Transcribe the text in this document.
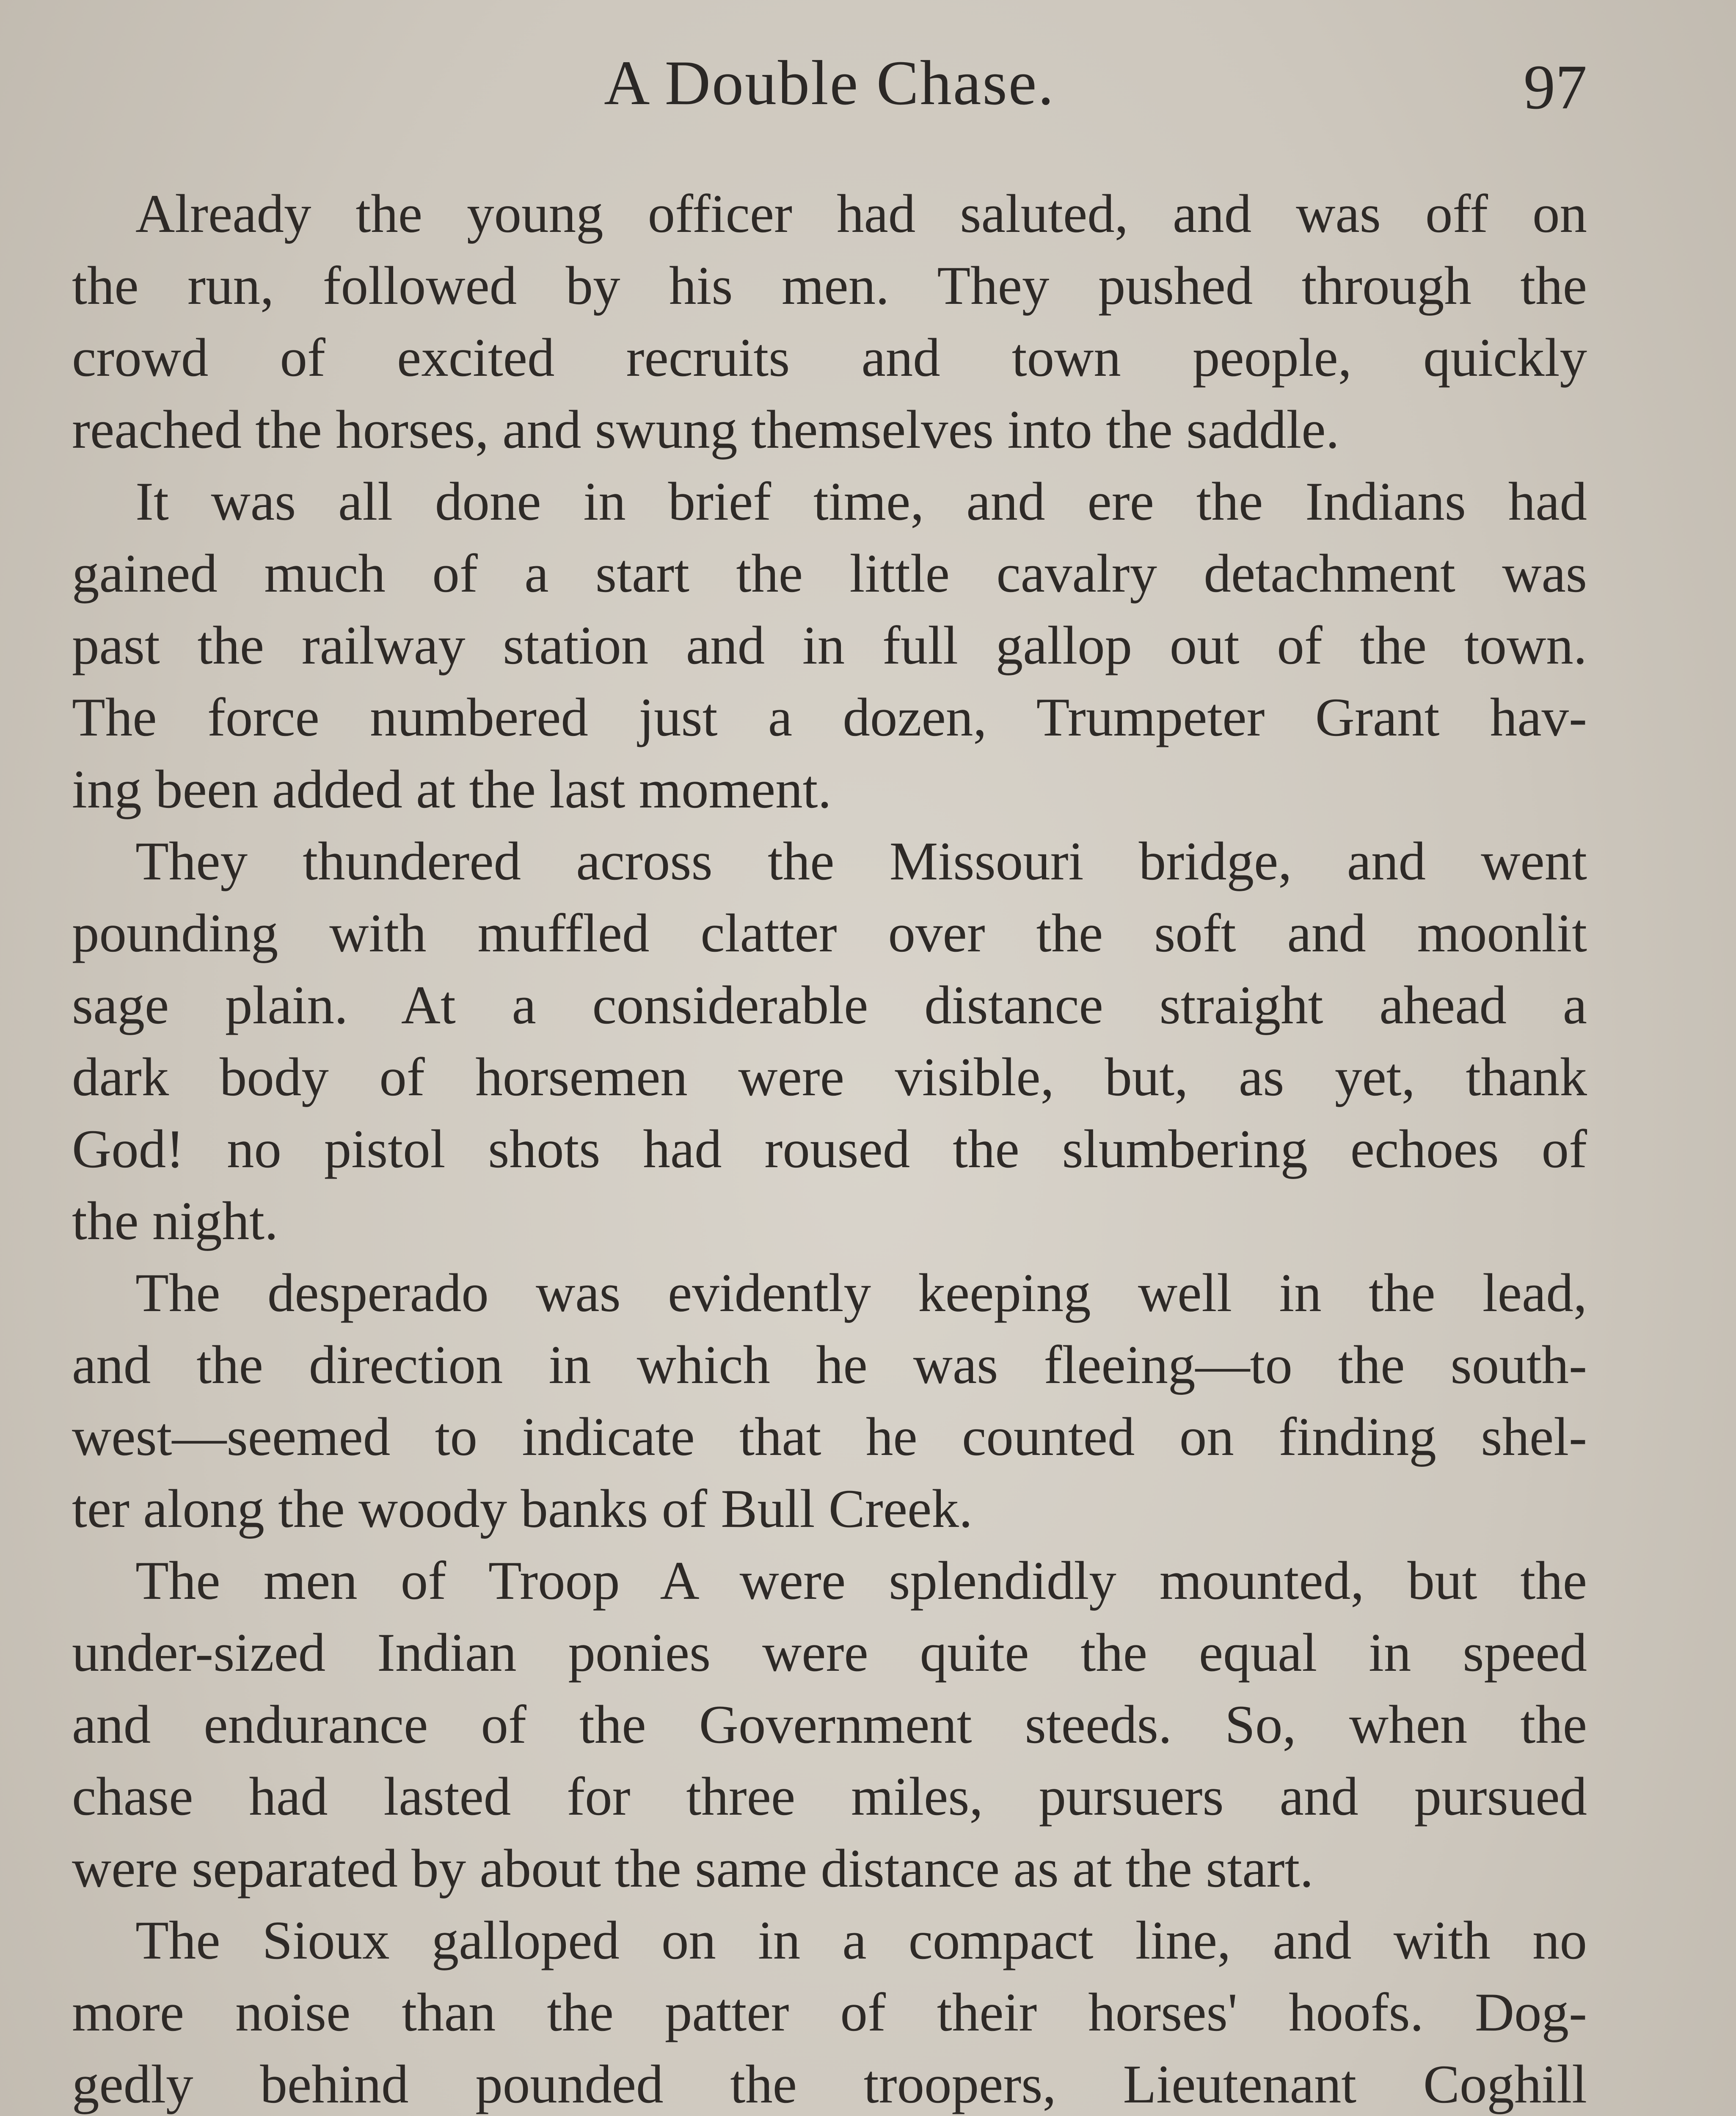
A Double Chase.	97
Already the young officer had saluted, and was off on
the run, followed by his men. They pushed through the
crowd of excited recruits and town people, quickly
reached the horses, and swung themselves into the saddle.
It was all done in brief time, and ere the Indians had
gained much of a start the little cavalry detachment was
past the railway station and in full gallop out of the town.
The force numbered just a dozen, Trumpeter Grant hav-
ing been added at the last moment.
They thundered across the Missouri bridge, and went
pounding with muffled clatter over the soft and moonlit
sage plain. At a considerable distance straight ahead a
dark body of horsemen were visible, but, as yet, thank
God! no pistol shots had roused the slumbering echoes of
the night.
The desperado was evidently keeping well in the lead,
and the direction in which he was fleeing—to the south-
west—seemed to indicate that he counted on finding shel-
ter along the woody banks of Bull Creek.
The men of Troop A were splendidly mounted, but the
under-sized Indian ponies were quite the equal in speed
and endurance of the Government steeds. So, when the
chase had lasted for three miles, pursuers and pursued
were separated by about the same distance as at the start.
The Sioux galloped on in a compact line, and with no
more noise than the patter of their horses' hoofs. Dog-
gedly behind pounded the troopers, Lieutenant Coghill
